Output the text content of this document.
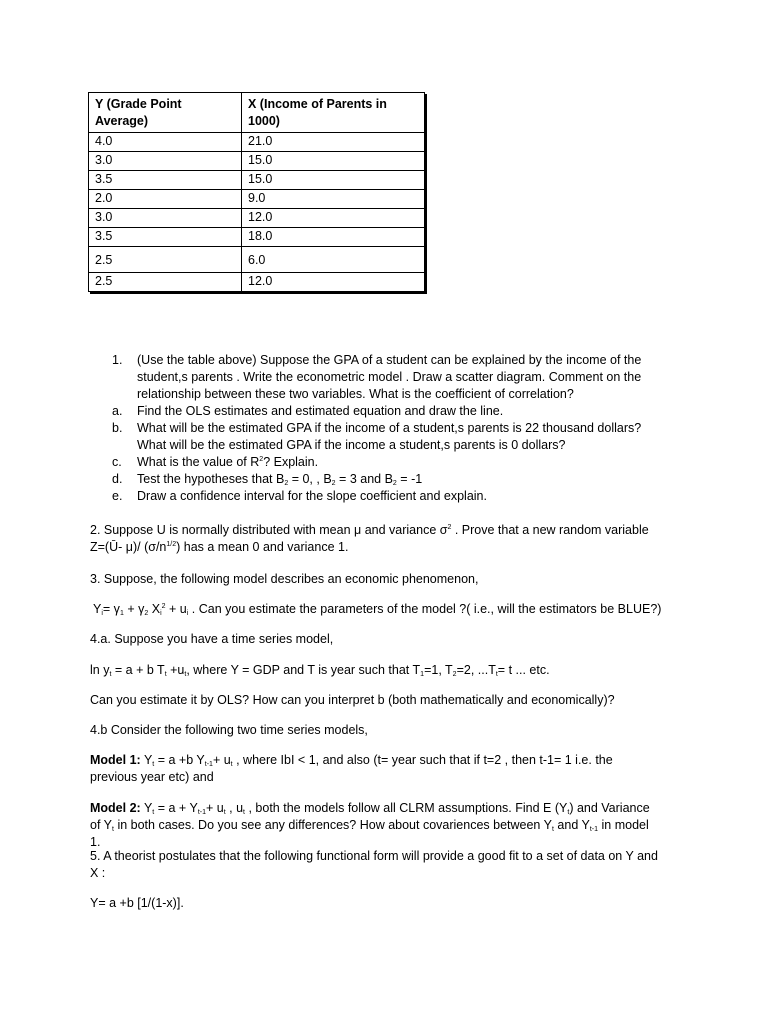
Y (Grade Point Average)	X (Income of Parents in 1000)
4.0	21.0
3.0	15.0
3.5	15.0
2.0	9.0
3.0	12.0
3.5	18.0
2.5	6.0
2.5	12.0
1. (Use the table above) Suppose the GPA of a student can be explained by the income of the student,s parents . Write the econometric model . Draw a scatter diagram. Comment on the relationship between these two variables. What is the coefficient of correlation?
a. Find the OLS estimates and estimated equation and draw the line.
b. What will be the estimated GPA if the income of a student,s parents is 22 thousand dollars? What will be the estimated GPA if the income a student,s parents is 0 dollars?
c. What is the value of $R^2$? Explain.
d. Test the hypotheses that $B_2 = 0$, , $B_2 = 3$ and $B_2 = -1$
e. Draw a confidence interval for the slope coefficient and explain.

2. Suppose U is normally distributed with mean μ and variance $\sigma^2$ . Prove that a new random variable Z=(Ū- μ)/ $(\sigma/n^{1/2})$ has a mean 0 and variance 1.

3. Suppose, the following model describes an economic phenomenon,

$Y_i= \gamma_1 + \gamma_2$ $X_i^2 + u_i$ . Can you estimate the parameters of the model ?( i.e., will the estimators be BLUE?)

4.a. Suppose you have a time series model,

$\ln y_t = a + b$ $T_t +u_t$, where Y = GDP and T is year such that $T_1=1$, $T_2=2$, $...T_t= t$ ... etc.

Can you estimate it by OLS? How can you interpret b (both mathematically and economically)?

4.b Consider the following two time series models,

Model 1: $Y_t = a +b$ $Y_{t-1}+ u_t$ , where IbI < 1, and also (t= year such that if t=2 , then t-1= 1 i.e. the previous year etc) and

Model 2: $Y_t = a + Y_{t-1}+ u_t$ , $u_t$ , both the models follow all CLRM assumptions. Find E $(Y_t)$ and Variance of $Y_t$ in both cases. Do you see any differences? How about covariences between $Y_t$ and $Y_{t-1}$ in model 1.

5. A theorist postulates that the following functional form will provide a good fit to a set of data on Y and X :

Y= a +b [1/(1-x)].
